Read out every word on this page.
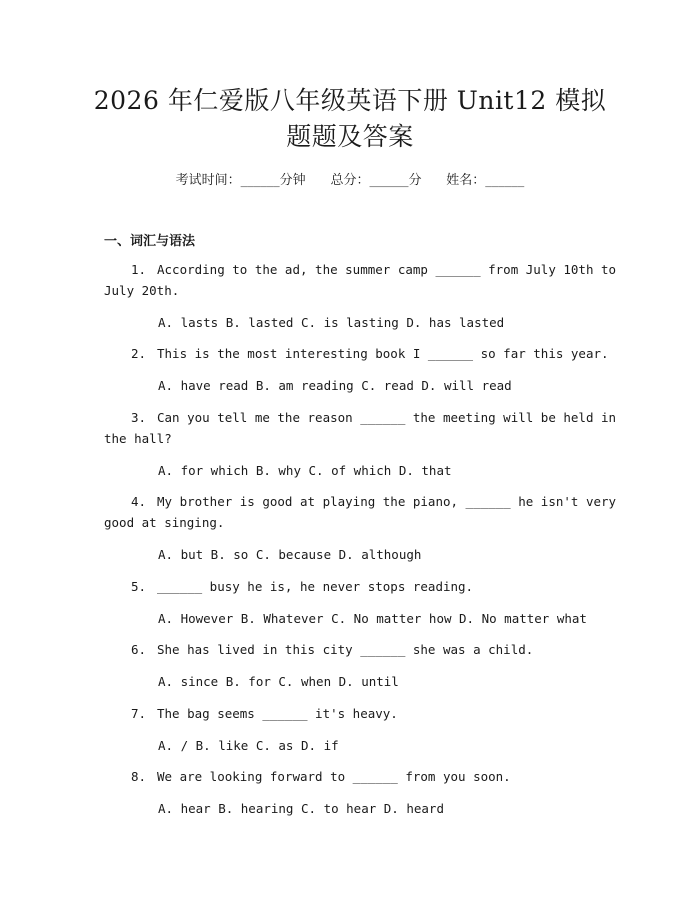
2026 年仁爱版八年级英语下册 Unit12 模拟
题题及答案
考试时间：______分钟 总分：______分 姓名：______
一、词汇与语法
1. According to the ad, the summer camp ______ from July 10th to
July 20th.
A. lasts B. lasted C. is lasting D. has lasted
2. This is the most interesting book I ______ so far this year.
A. have read B. am reading C. read D. will read
3. Can you tell me the reason ______ the meeting will be held in
the hall?
A. for which B. why C. of which D. that
4. My brother is good at playing the piano, ______ he isn't very
good at singing.
A. but B. so C. because D. although
5. ______ busy he is, he never stops reading.
A. However B. Whatever C. No matter how D. No matter what
6. She has lived in this city ______ she was a child.
A. since B. for C. when D. until
7. The bag seems ______ it's heavy.
A. / B. like C. as D. if
8. We are looking forward to ______ from you soon.
A. hear B. hearing C. to hear D. heard
